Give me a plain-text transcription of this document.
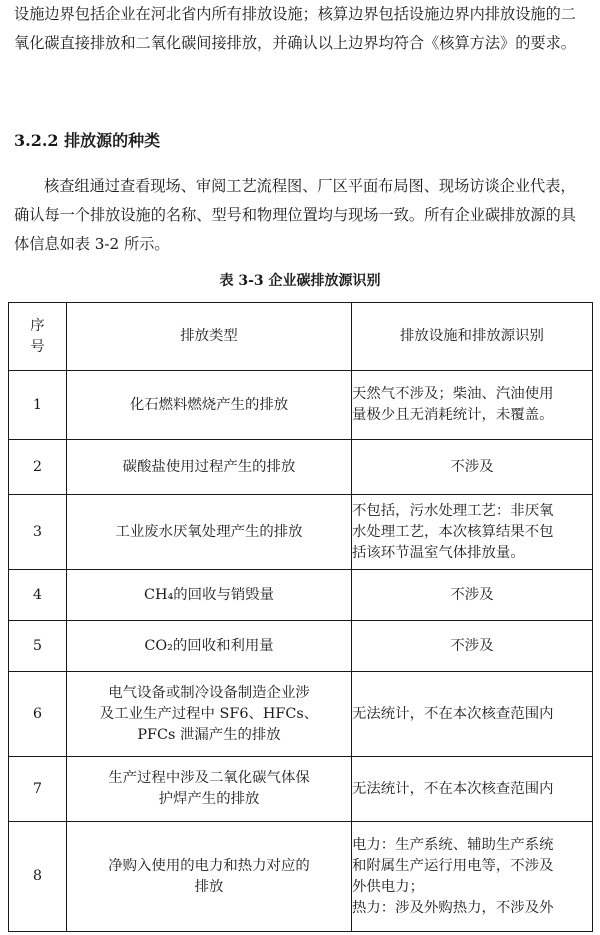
设施边界包括企业在河北省内所有排放设施；核算边界包括设施边界内排放设施的二氧化碳直接排放和二氧化碳间接排放，并确认以上边界均符合《核算方法》的要求。

3.2.2 排放源的种类

核查组通过查看现场、审阅工艺流程图、厂区平面布局图、现场访谈企业代表，确认每一个排放设施的名称、型号和物理位置均与现场一致。所有企业碳排放源的具体信息如表 3-2 所示。

表 3-3 企业碳排放源识别

序
号	排放类型	排放设施和排放源识别
1	化石燃料燃烧产生的排放	天然气不涉及；柴油、汽油使用
量极少且无消耗统计，未覆盖。

2	碳酸盐使用过程产生的排放	不涉及

3	工业废水厌氧处理产生的排放	不包括，污水处理工艺：非厌氧
水处理工艺，本次核算结果不包
括该环节温室气体排放量。

4	CH₄的回收与销毁量	不涉及

5	CO₂的回收和利用量	不涉及

6	电气设备或制冷设备制造企业涉
及工业生产过程中 SF6、HFCs、
PFCs 泄漏产生的排放	无法统计，不在本次核查范围内

7	生产过程中涉及二氧化碳气体保
护焊产生的排放	无法统计，不在本次核查范围内

8	净购入使用的电力和热力对应的
排放	电力：生产系统、辅助生产系统
和附属生产运行用电等，不涉及
外供电力；
热力：涉及外购热力，不涉及外
